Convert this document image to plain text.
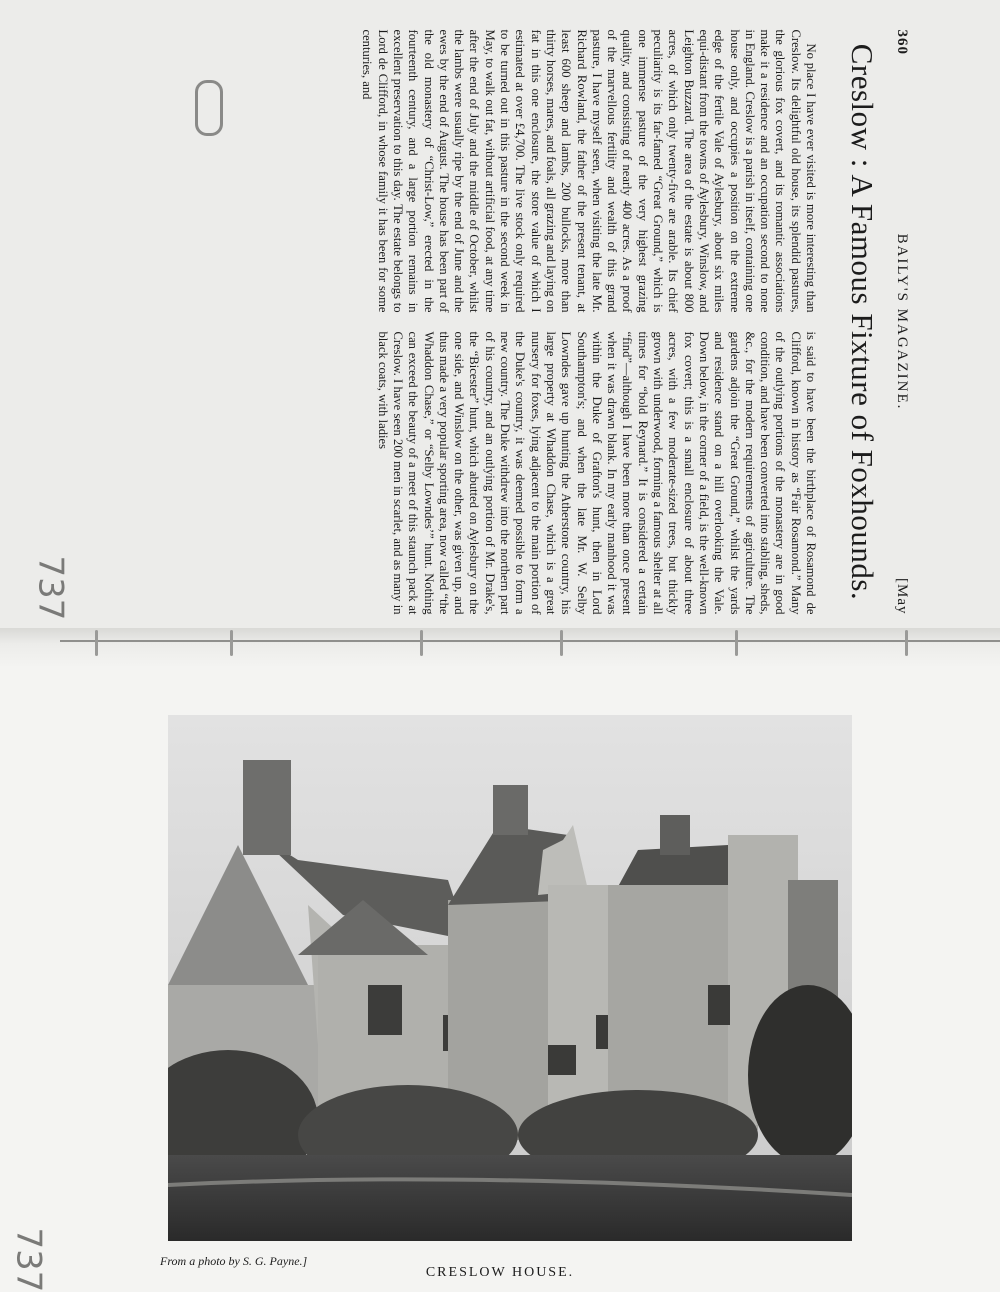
360
BAILY'S MAGAZINE.
[May
Creslow : A Famous Fixture of Foxhounds.

No place I have ever visited is more interesting than Creslow. Its delightful old house, its splendid pastures, the glorious fox covert, and its romantic associations make it a residence and an occupation second to none in England. Creslow is a parish in itself, containing one house only, and occupies a position on the extreme edge of the fertile Vale of Aylesbury, about six miles equi-distant from the towns of Aylesbury, Winslow, and Leighton Buzzard. The area of the estate is about 800 acres, of which only twenty-five are arable. Its chief peculiarity is its far-famed “Great Ground,” which is one immense pasture of the very highest grazing quality, and consisting of nearly 400 acres. As a proof of the marvellous fertility and wealth of this grand pasture, I have myself seen, when visiting the late Mr. Richard Rowland, the father of the present tenant, at least 600 sheep and lambs, 200 bullocks, more than thirty horses, mares, and foals, all grazing and laying on fat in this one enclosure, the store value of which I estimated at over £4,700. The live stock only required to be turned out in this pasture in the second week in May, to walk out fat, without artificial food, at any time after the end of July and the middle of October, whilst the lambs were usually ripe by the end of June and the ewes by the end of August. The house has been part of the old monastery of “Christ-Low,” erected in the fourteenth century, and a large portion remains in excellent preservation to this day. The estate belongs to Lord de Clifford, in whose family it has been for some centuries, and

is said to have been the birthplace of Rosamond de Clifford, known in history as “Fair Rosamond.” Many of the outlying portions of the monastery are in good condition, and have been converted into stabling, sheds, &c., for the modern requirements of agriculture. The gardens adjoin the “Great Ground,” whilst the yards and residence stand on a hill overlooking the Vale. Down below, in the corner of a field, is the well-known fox covert; this is a small enclosure of about three acres, with a few moderate-sized trees, but thickly grown with underwood, forming a famous shelter at all times for “bold Reynard.” It is considered a certain “find”—although I have been more than once present when it was drawn blank. In my early manhood it was within the Duke of Grafton's hunt, then in Lord Southampton's; and when the late Mr. W. Selby Lowndes gave up hunting the Atherstone country, his large property at Whaddon Chase, which is a great nursery for foxes, lying adjacent to the main portion of the Duke's country, it was deemed possible to form a new country. The Duke withdrew into the northern part of his country, and an outlying portion of Mr. Drake's, the “Bicester” hunt, which abutted on Aylesbury on the one side, and Winslow on the other, was given up, and thus made a very popular sporting area, now called “the Whaddon Chase,” or “Selby Lowndes’” hunt. Nothing can exceed the beauty of a meet of this staunch pack at Creslow. I have seen 200 men in scarlet, and as many in black coats, with ladies

737
737	From a photo by S. G. Payne.]
CRESLOW HOUSE.
